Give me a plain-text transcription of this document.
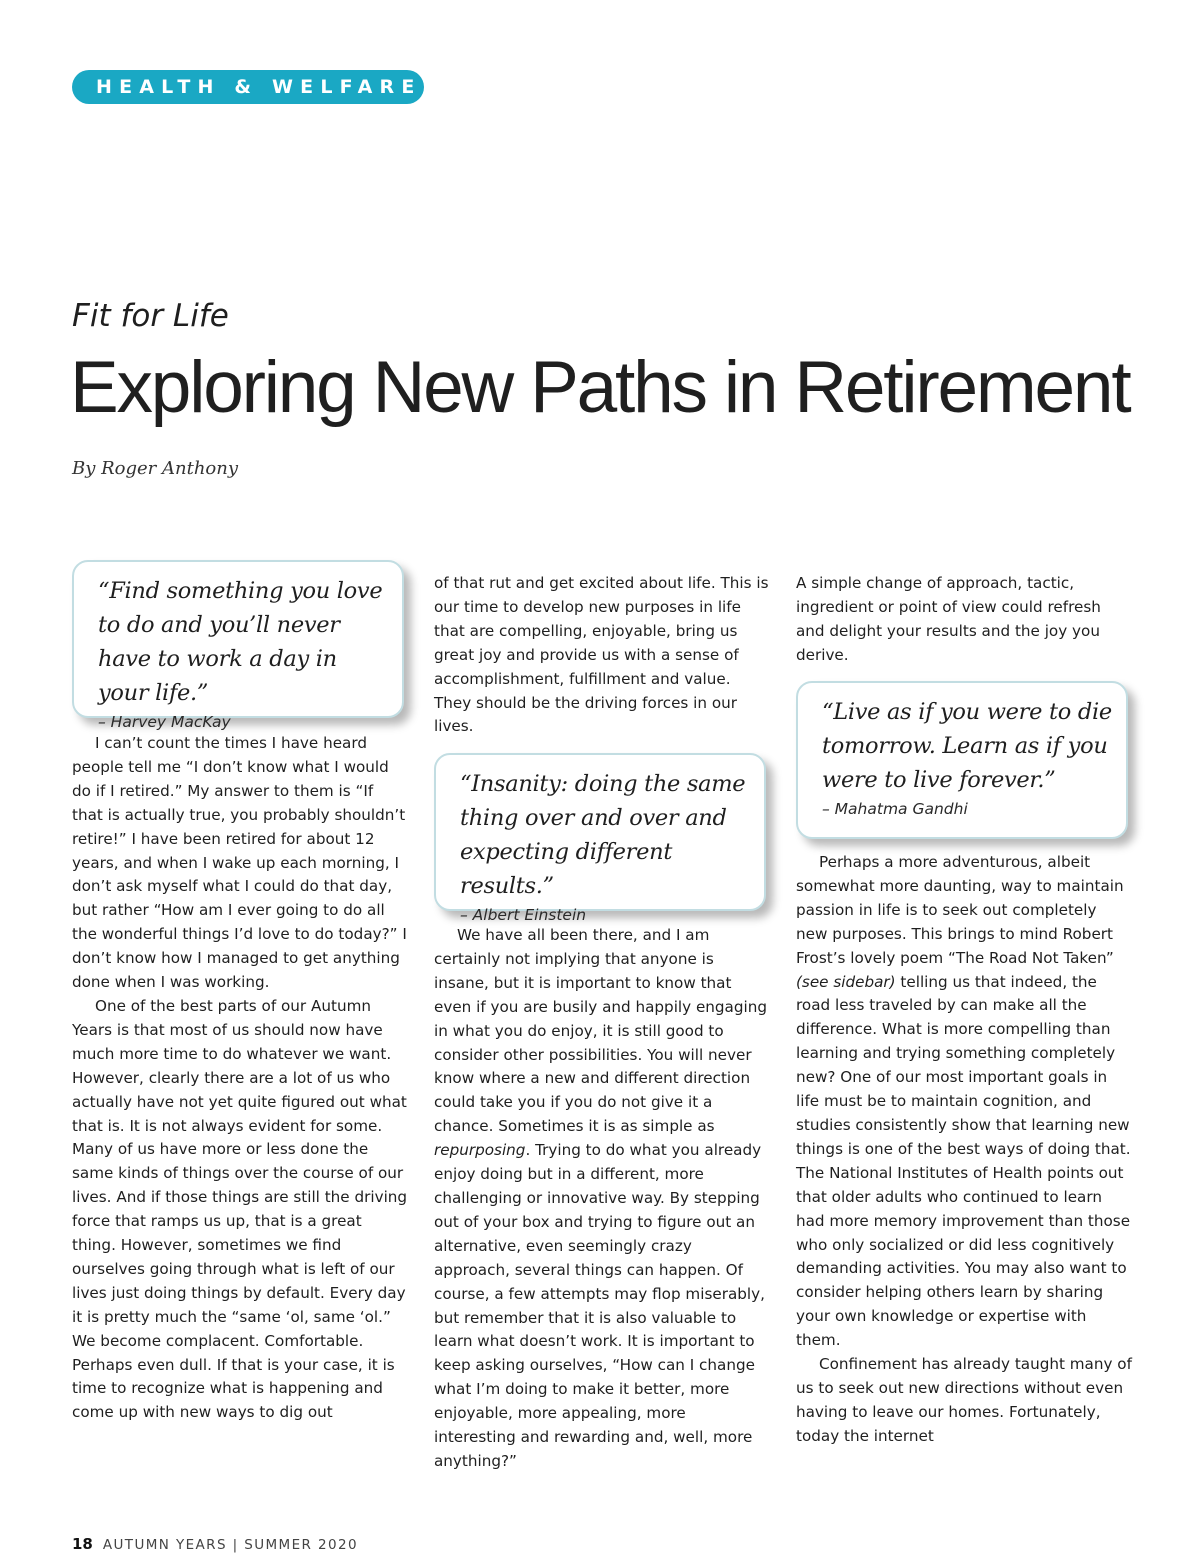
HEALTH & WELFARE
Fit for Life
Exploring New Paths in Retirement
By Roger Anthony
“Find something you love to do and you’ll never have to work a day in your life.”
– Harvey MacKay
“Insanity: doing the same thing over and over and expecting different results.”
– Albert Einstein
“Live as if you were to die tomorrow. Learn as if you were to live forever.”
– Mahatma Gandhi

I can’t count the times I have heard people tell me “I don’t know what I would do if I retired.” My answer to them is “If that is actually true, you probably shouldn’t retire!” I have been retired for about 12 years, and when I wake up each morning, I don’t ask myself what I could do that day, but rather “How am I ever going to do all the wonderful things I’d love to do today?” I don’t know how I managed to get anything done when I was working.

One of the best parts of our Autumn Years is that most of us should now have much more time to do whatever we want. However, clearly there are a lot of us who actually have not yet quite figured out what that is. It is not always evident for some. Many of us have more or less done the same kinds of things over the course of our lives. And if those things are still the driving force that ramps us up, that is a great thing. However, sometimes we find ourselves going through what is left of our lives just doing things by default. Every day it is pretty much the “same ‘ol, same ‘ol.” We become complacent. Comfortable. Perhaps even dull. If that is your case, it is time to recognize what is happening and come up with new ways to dig out

of that rut and get excited about life. This is our time to develop new purposes in life that are compelling, enjoyable, bring us great joy and provide us with a sense of accomplishment, fulfillment and value. They should be the driving forces in our lives.

We have all been there, and I am certainly not implying that anyone is insane, but it is important to know that even if you are busily and happily engaging in what you do enjoy, it is still good to consider other possibilities. You will never know where a new and different direction could take you if you do not give it a chance. Sometimes it is as simple as repurposing. Trying to do what you already enjoy doing but in a different, more challenging or innovative way. By stepping out of your box and trying to figure out an alternative, even seemingly crazy approach, several things can happen. Of course, a few attempts may flop miserably, but remember that it is also valuable to learn what doesn’t work. It is important to keep asking ourselves, “How can I change what I’m doing to make it better, more enjoyable, more appealing, more interesting and rewarding and, well, more anything?”

A simple change of approach, tactic, ingredient or point of view could refresh and delight your results and the joy you derive.

Perhaps a more adventurous, albeit somewhat more daunting, way to maintain passion in life is to seek out completely new purposes. This brings to mind Robert Frost’s lovely poem “The Road Not Taken” (see sidebar) telling us that indeed, the road less traveled by can make all the difference. What is more compelling than learning and trying something completely new? One of our most important goals in life must be to maintain cognition, and studies consistently show that learning new things is one of the best ways of doing that. The National Institutes of Health points out that older adults who continued to learn had more memory improvement than those who only socialized or did less cognitively demanding activities. You may also want to consider helping others learn by sharing your own knowledge or expertise with them.

Confinement has already taught many of us to seek out new directions without even having to leave our homes. Fortunately, today the internet

18 AUTUMN YEARS | SUMMER 2020
